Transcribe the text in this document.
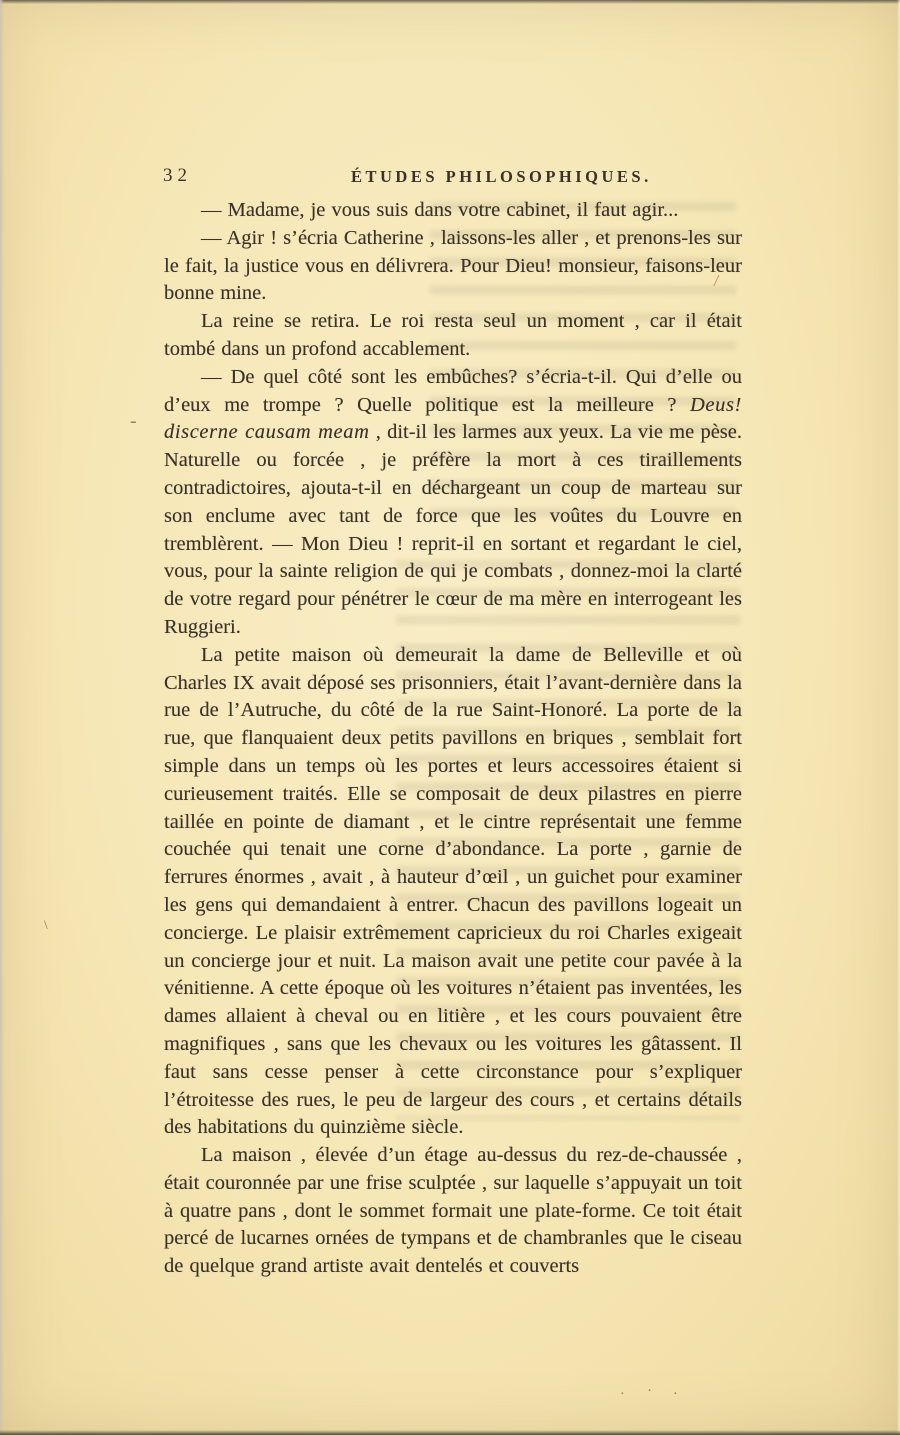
32	ÉTUDES PHILOSOPHIQUES.

— Madame, je vous suis dans votre cabinet, il faut agir...

— Agir ! s’écria Catherine , laissons-les aller , et prenons-les sur le fait, la justice vous en délivrera. Pour Dieu! monsieur, faisons-leur bonne mine.

La reine se retira. Le roi resta seul un moment , car il était tombé dans un profond accablement.

— De quel côté sont les embûches? s’écria-t-il. Qui d’elle ou d’eux me trompe ? Quelle politique est la meilleure ? Deus! discerne causam meam , dit-il les larmes aux yeux. La vie me pèse. Naturelle ou forcée , je préfère la mort à ces tiraillements contradictoires, ajouta-t-il en déchargeant un coup de marteau sur son enclume avec tant de force que les voûtes du Louvre en tremblèrent. — Mon Dieu ! reprit-il en sortant et regardant le ciel, vous, pour la sainte religion de qui je combats , donnez-moi la clarté de votre regard pour pénétrer le cœur de ma mère en interrogeant les Ruggieri.

La petite maison où demeurait la dame de Belleville et où Charles IX avait déposé ses prisonniers, était l’avant-dernière dans la rue de l’Autruche, du côté de la rue Saint-Honoré. La porte de la rue, que flanquaient deux petits pavillons en briques , semblait fort simple dans un temps où les portes et leurs accessoires étaient si curieusement traités. Elle se composait de deux pilastres en pierre taillée en pointe de diamant , et le cintre représentait une femme couchée qui tenait une corne d’abondance. La porte , garnie de ferrures énormes , avait , à hauteur d’œil , un guichet pour examiner les gens qui demandaient à entrer. Chacun des pavillons logeait un concierge. Le plaisir extrêmement capricieux du roi Charles exigeait un concierge jour et nuit. La maison avait une petite cour pavée à la vénitienne. A cette époque où les voitures n’étaient pas inventées, les dames allaient à cheval ou en litière , et les cours pouvaient être magnifiques , sans que les chevaux ou les voitures les gâtassent. Il faut sans cesse penser à cette circonstance pour s’expliquer l’étroitesse des rues, le peu de largeur des cours , et certains détails des habitations du quinzième siècle.

La maison , élevée d’un étage au-dessus du rez-de-chaussée , était couronnée par une frise sculptée , sur laquelle s’appuyait un toit à quatre pans , dont le sommet formait une plate-forme. Ce toit était percé de lucarnes ornées de tympans et de chambranles que le ciseau de quelque grand artiste avait dentelés et couverts

/
-
\
· · ·
